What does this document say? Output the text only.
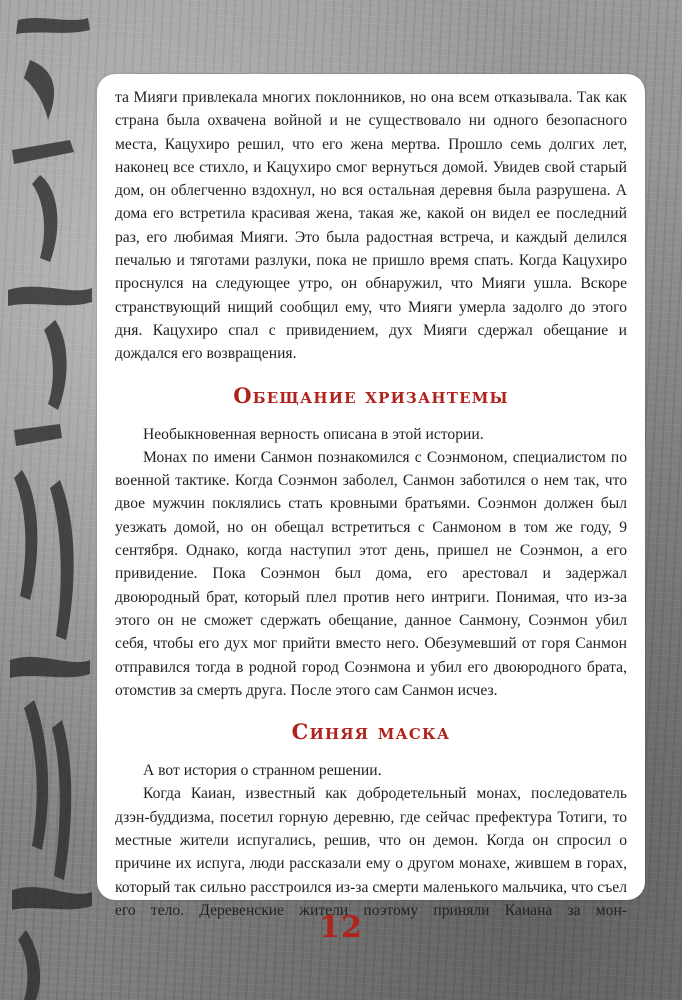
та Мияги привлекала многих поклонников, но она всем отказывала. Так как страна была охвачена войной и не существовало ни одного безопасного места, Кацухиро решил, что его жена мертва. Прошло семь долгих лет, наконец все стихло, и Кацухиро смог вернуться домой. Увидев свой старый дом, он облегченно вздохнул, но вся остальная деревня была разрушена. А дома его встретила красивая жена, такая же, какой он видел ее последний раз, его любимая Мияги. Это была радостная встреча, и каждый делился печалью и тяготами разлуки, пока не пришло время спать. Когда Кацухиро проснулся на следующее утро, он обнаружил, что Мияги ушла. Вскоре странствующий нищий сообщил ему, что Мияги умерла задолго до этого дня. Кацухиро спал с привидением, дух Мияги сдержал обещание и дождался его возвращения.

Обещание хризантемы

Необыкновенная верность описана в этой истории.

Монах по имени Санмон познакомился с Соэнмоном, специалистом по военной тактике. Когда Соэнмон заболел, Санмон заботился о нем так, что двое мужчин поклялись стать кровными братьями. Соэнмон должен был уезжать домой, но он обещал встретиться с Санмоном в том же году, 9 сентября. Однако, когда наступил этот день, пришел не Соэнмон, а его привидение. Пока Соэнмон был дома, его арестовал и задержал двоюродный брат, который плел против него интриги. Понимая, что из-за этого он не сможет сдержать обещание, данное Санмону, Соэнмон убил себя, чтобы его дух мог прийти вместо него. Обезумевший от горя Санмон отправился тогда в родной город Соэнмона и убил его двоюродного брата, отомстив за смерть друга. После этого сам Санмон исчез.

Синяя маска

А вот история о странном решении.

Когда Каиан, известный как добродетельный монах, последователь дзэн-буддизма, посетил горную деревню, где сейчас префектура Тотиги, то местные жители испугались, решив, что он демон. Когда он спросил о причине их испуга, люди рассказали ему о другом монахе, жившем в горах, который так сильно расстроился из-за смерти маленького мальчика, что съел его тело. Деревенские жители поэтому приняли Каиана за мон-

12
